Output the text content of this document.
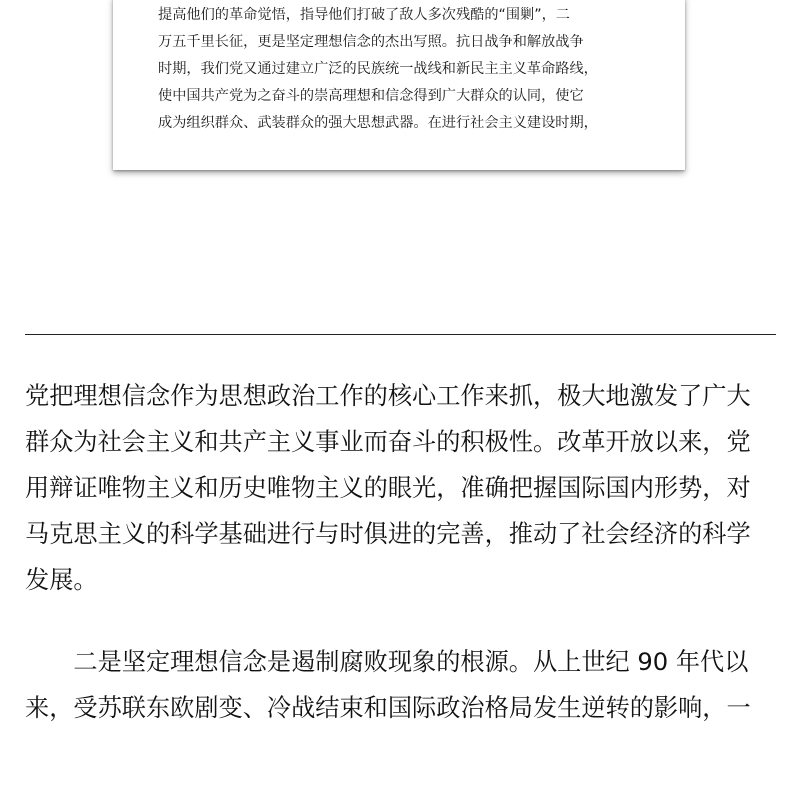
提高他们的革命觉悟，指导他们打破了敌人多次残酷的“围剿”，二
万五千里长征，更是坚定理想信念的杰出写照。抗日战争和解放战争
时期，我们党又通过建立广泛的民族统一战线和新民主主义革命路线，
使中国共产党为之奋斗的崇高理想和信念得到广大群众的认同，使它
成为组织群众、武装群众的强大思想武器。在进行社会主义建设时期，
党把理想信念作为思想政治工作的核心工作来抓，极大地激发了广大
群众为社会主义和共产主义事业而奋斗的积极性。改革开放以来，党
用辩证唯物主义和历史唯物主义的眼光，准确把握国际国内形势，对
马克思主义的科学基础进行与时俱进的完善，推动了社会经济的科学
发展。
　　二是坚定理想信念是遏制腐败现象的根源。从上世纪 90 年代以
来，受苏联东欧剧变、冷战结束和国际政治格局发生逆转的影响，一
